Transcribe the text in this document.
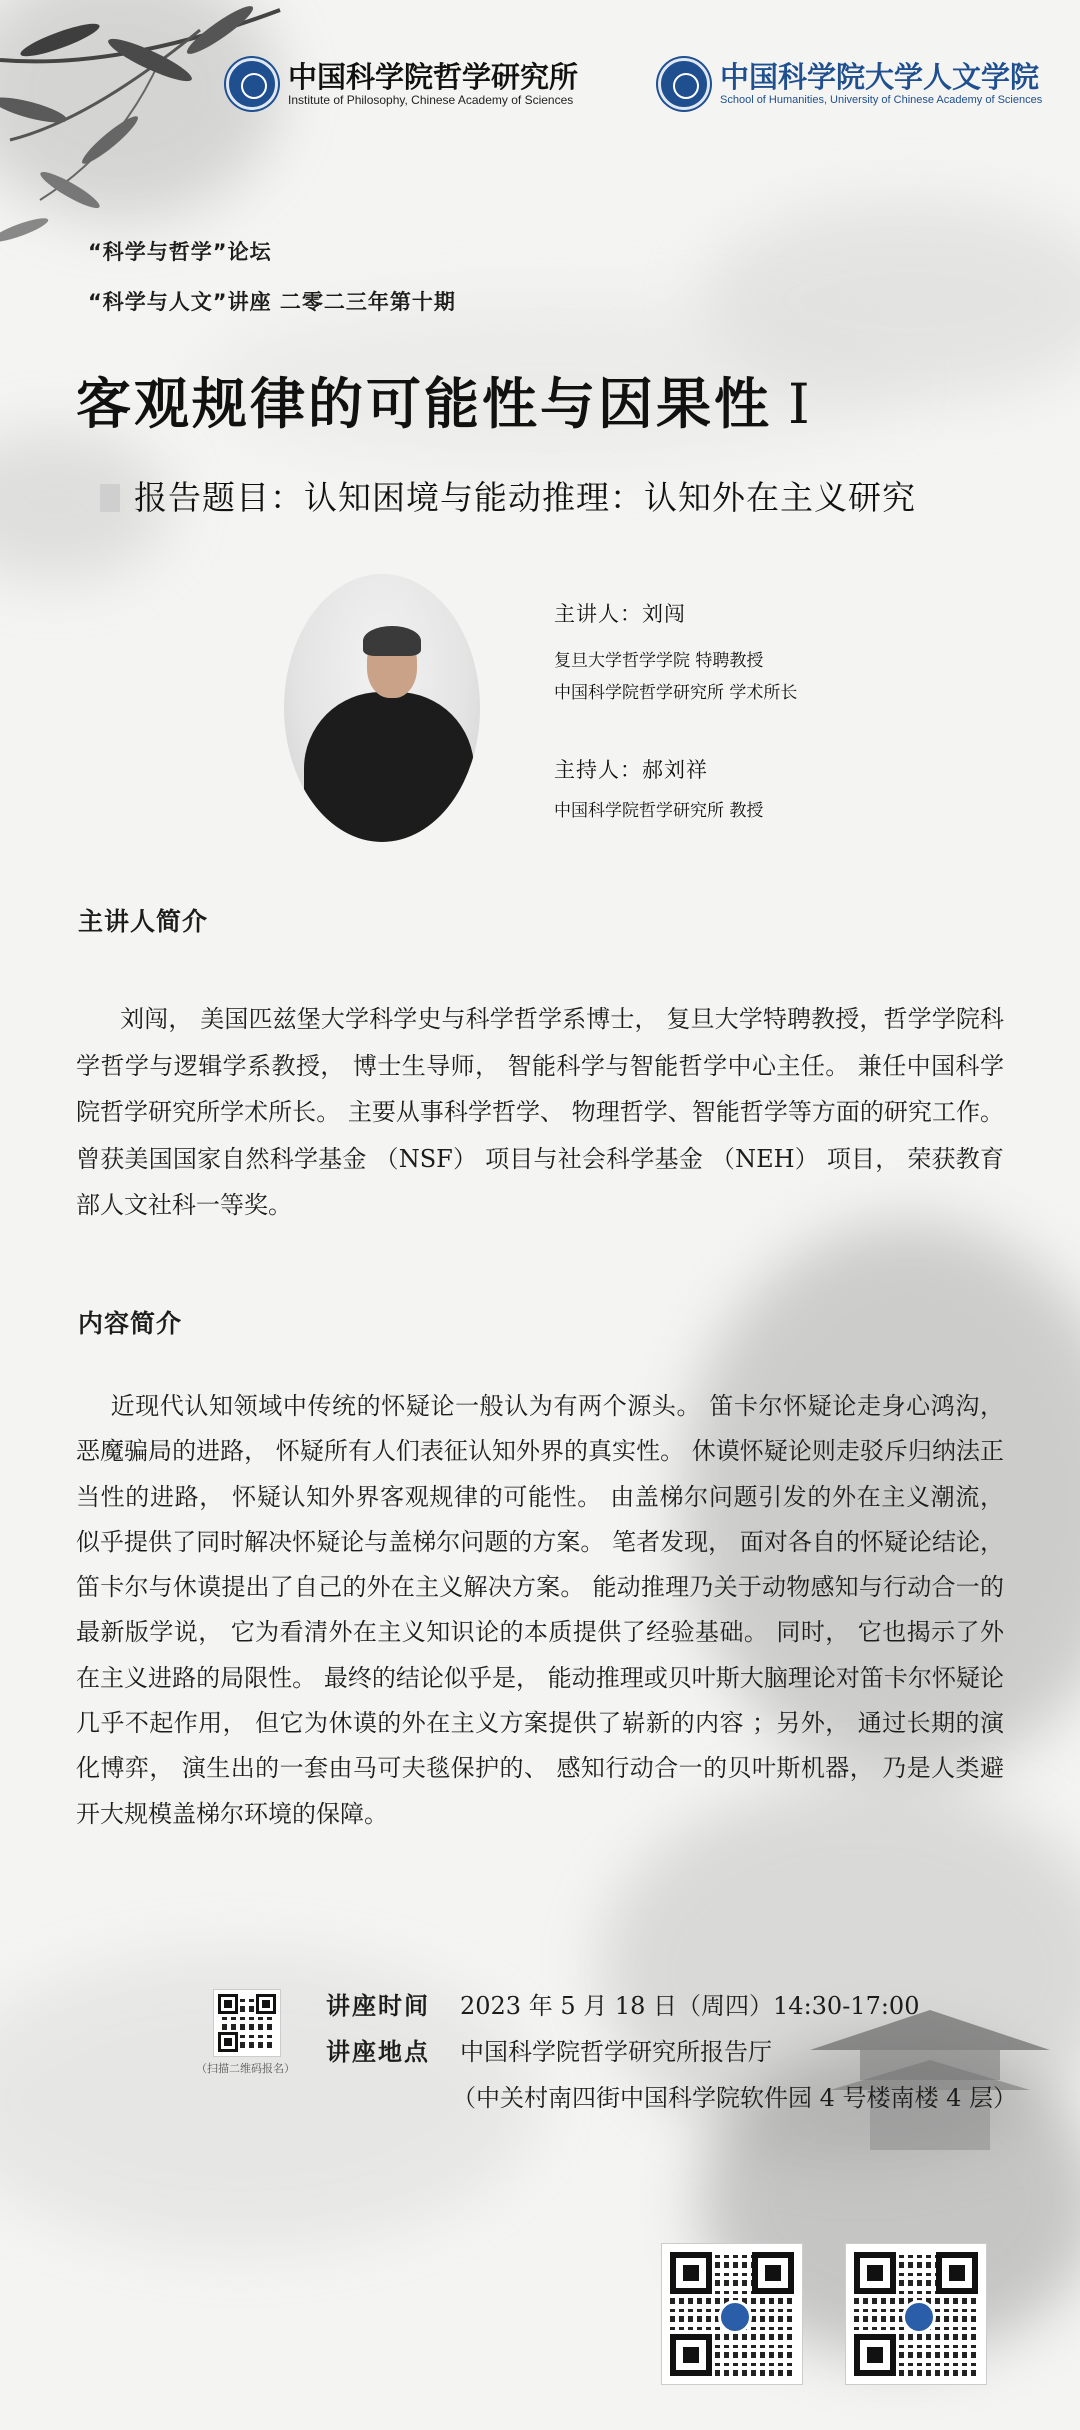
中国科学院哲学研究所
Institute of Philosophy, Chinese Academy of Sciences
中国科学院大学人文学院
School of Humanities, University of Chinese Academy of Sciences
“科学与哲学”论坛
“科学与人文”讲座 二零二三年第十期
客观规律的可能性与因果性 I
报告题目：认知困境与能动推理：认知外在主义研究
主讲人：刘闯
复旦大学哲学学院 特聘教授
中国科学院哲学研究所 学术所长
主持人：郝刘祥
中国科学院哲学研究所 教授
主讲人简介
刘闯， 美国匹兹堡大学科学史与科学哲学系博士， 复旦大学特聘教授，哲学学院科学哲学与逻辑学系教授， 博士生导师， 智能科学与智能哲学中心主任。 兼任中国科学院哲学研究所学术所长。 主要从事科学哲学、 物理哲学、智能哲学等方面的研究工作。 曾获美国国家自然科学基金 （NSF） 项目与社会科学基金 （NEH） 项目， 荣获教育部人文社科一等奖。
内容简介
近现代认知领域中传统的怀疑论一般认为有两个源头。 笛卡尔怀疑论走身心鸿沟， 恶魔骗局的进路， 怀疑所有人们表征认知外界的真实性。 休谟怀疑论则走驳斥归纳法正当性的进路， 怀疑认知外界客观规律的可能性。 由盖梯尔问题引发的外在主义潮流， 似乎提供了同时解决怀疑论与盖梯尔问题的方案。 笔者发现， 面对各自的怀疑论结论， 笛卡尔与休谟提出了自己的外在主义解决方案。 能动推理乃关于动物感知与行动合一的最新版学说， 它为看清外在主义知识论的本质提供了经验基础。 同时， 它也揭示了外在主义进路的局限性。 最终的结论似乎是， 能动推理或贝叶斯大脑理论对笛卡尔怀疑论几乎不起作用， 但它为休谟的外在主义方案提供了崭新的内容 ；另外， 通过长期的演化博弈， 演生出的一套由马可夫毯保护的、 感知行动合一的贝叶斯机器， 乃是人类避开大规模盖梯尔环境的保障。
（扫描二维码报名）
讲座时间 2023 年 5 月 18 日（周四）14:30-17:00
讲座地点 中国科学院哲学研究所报告厅
（中关村南四街中国科学院软件园 4 号楼南楼 4 层）
